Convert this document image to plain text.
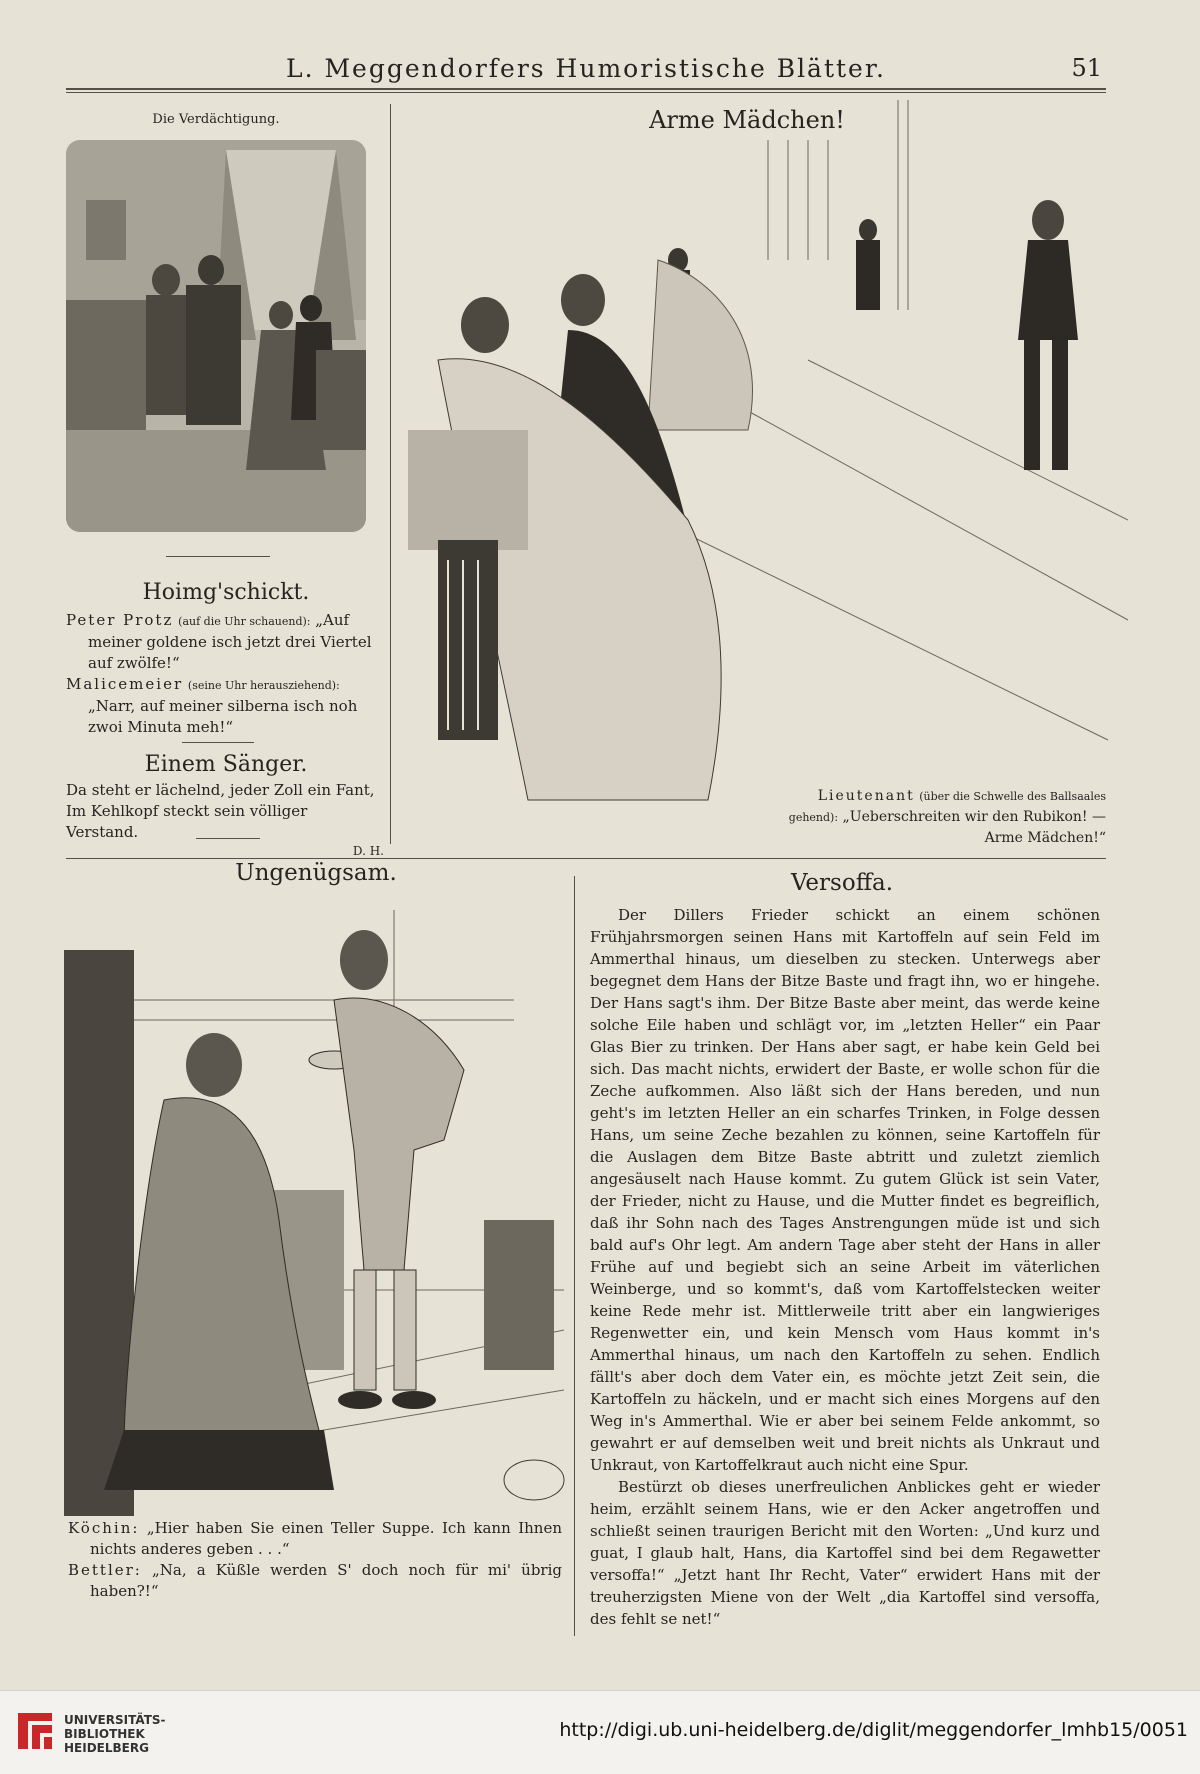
L. Meggendorfers Humoristische Blätter.	51
Die Verdächtigung.
Hoimg'schickt.
Peter Protz (auf die Uhr schauend): „Auf meiner goldene isch jetzt drei Viertel auf zwölfe!“
Malicemeier (seine Uhr herausziehend): „Narr, auf meiner silberna isch noh zwoi Minuta meh!“
Einem Sänger.
Da steht er lächelnd, jeder Zoll ein Fant,
Im Kehlkopf steckt sein völliger Verstand.
D. H.
Arme Mädchen!
Lieutenant (über die Schwelle des Ballsaales gehend): „Ueberschreiten wir den Rubikon! — Arme Mädchen!“
Ungenügsam.
Köchin: „Hier haben Sie einen Teller Suppe. Ich kann Ihnen nichts anderes geben . . .“
Bettler: „Na, a Küßle werden S' doch noch für mi' übrig haben?!“
Versoffa.

Der Dillers Frieder schickt an einem schönen Frühjahrsmorgen seinen Hans mit Kartoffeln auf sein Feld im Ammerthal hinaus, um dieselben zu stecken. Unterwegs aber begegnet dem Hans der Bitze Baste und fragt ihn, wo er hingehe. Der Hans sagt's ihm. Der Bitze Baste aber meint, das werde keine solche Eile haben und schlägt vor, im „letzten Heller“ ein Paar Glas Bier zu trinken. Der Hans aber sagt, er habe kein Geld bei sich. Das macht nichts, erwidert der Baste, er wolle schon für die Zeche aufkommen. Also läßt sich der Hans bereden, und nun geht's im letzten Heller an ein scharfes Trinken, in Folge dessen Hans, um seine Zeche bezahlen zu können, seine Kartoffeln für die Auslagen dem Bitze Baste abtritt und zuletzt ziemlich angesäuselt nach Hause kommt. Zu gutem Glück ist sein Vater, der Frieder, nicht zu Hause, und die Mutter findet es begreiflich, daß ihr Sohn nach des Tages Anstrengungen müde ist und sich bald auf's Ohr legt. Am andern Tage aber steht der Hans in aller Frühe auf und begiebt sich an seine Arbeit im väterlichen Weinberge, und so kommt's, daß vom Kartoffelstecken weiter keine Rede mehr ist. Mittlerweile tritt aber ein langwieriges Regenwetter ein, und kein Mensch vom Haus kommt in's Ammerthal hinaus, um nach den Kartoffeln zu sehen. Endlich fällt's aber doch dem Vater ein, es möchte jetzt Zeit sein, die Kartoffeln zu häckeln, und er macht sich eines Morgens auf den Weg in's Ammerthal. Wie er aber bei seinem Felde ankommt, so gewahrt er auf demselben weit und breit nichts als Unkraut und Unkraut, von Kartoffelkraut auch nicht eine Spur.

Bestürzt ob dieses unerfreulichen Anblickes geht er wieder heim, erzählt seinem Hans, wie er den Acker angetroffen und schließt seinen traurigen Bericht mit den Worten: „Und kurz und guat, I glaub halt, Hans, dia Kartoffel sind bei dem Regawetter versoffa!“ „Jetzt hant Ihr Recht, Vater“ erwidert Hans mit der treuherzigsten Miene von der Welt „dia Kartoffel sind versoffa, des fehlt se net!“

UNIVERSITÄTS-
BIBLIOTHEK
HEIDELBERG
http://digi.ub.uni-heidelberg.de/diglit/meggendorfer_lmhb15/0051
